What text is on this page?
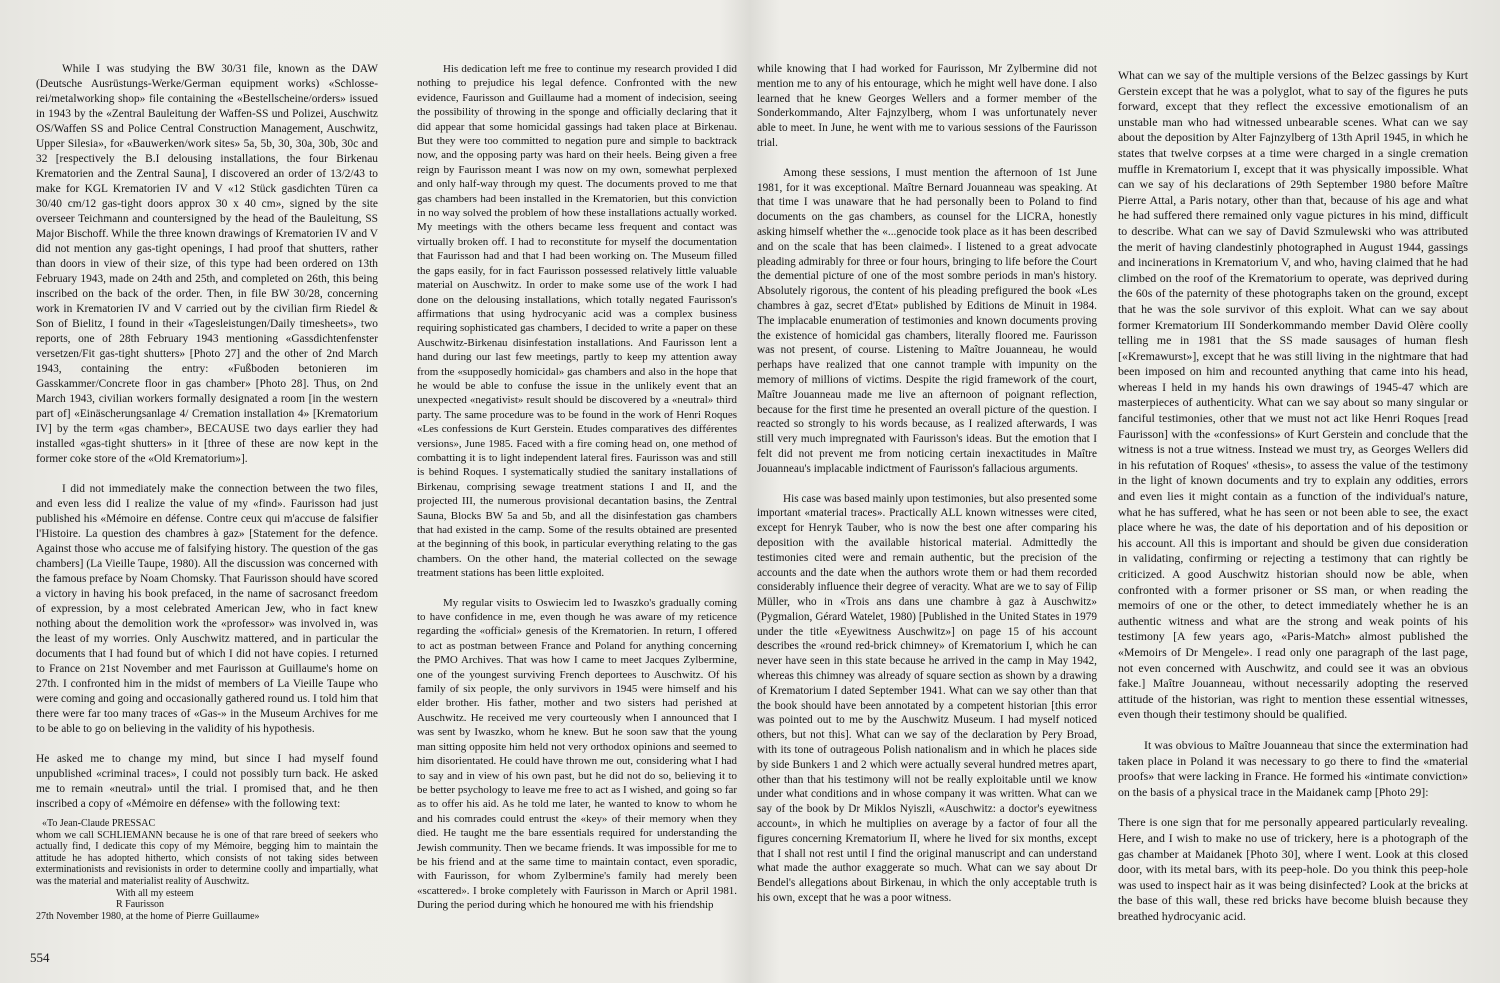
While I was studying the BW 30/31 file, known as the DAW (Deutsche Ausrüstungs-Werke/German equipment works) «Schlosserei/metalworking shop» file containing the «Bestellscheine/orders» issued in 1943 by the «Zentral Bauleitung der Waffen-SS und Polizei, Auschwitz OS/Waffen SS and Police Central Construction Management, Auschwitz, Upper Silesia», for «Bauwerken/work sites» 5a, 5b, 30, 30a, 30b, 30c and 32 [respectively the B.I delousing installations, the four Birkenau Krematorien and the Zentral Sauna], I discovered an order of 13/2/43 to make for KGL Krematorien IV and V «12 Stück gasdichten Türen ca 30/40 cm/12 gas-tight doors approx 30 x 40 cm», signed by the site overseer Teichmann and countersigned by the head of the Bauleitung, SS Major Bischoff. While the three known drawings of Krematorien IV and V did not mention any gas-tight openings, I had proof that shutters, rather than doors in view of their size, of this type had been ordered on 13th February 1943, made on 24th and 25th, and completed on 26th, this being inscribed on the back of the order. Then, in file BW 30/28, concerning work in Krematorien IV and V carried out by the civilian firm Riedel & Son of Bielitz, I found in their «Tagesleistungen/Daily timesheets», two reports, one of 28th February 1943 mentioning «Gassdichtenfenster versetzen/Fit gas-tight shutters» [Photo 27] and the other of 2nd March 1943, containing the entry: «Fußboden betonieren im Gasskammer/Concrete floor in gas chamber» [Photo 28]. Thus, on 2nd March 1943, civilian workers formally designated a room [in the western part of] «Einäscherungsanlage 4/ Cremation installation 4» [Krematorium IV] by the term «gas chamber», BECAUSE two days earlier they had installed «gas-tight shutters» in it [three of these are now kept in the former coke store of the «Old Krematorium»].

I did not immediately make the connection between the two files, and even less did I realize the value of my «find». Faurisson had just published his «Mémoire en défense. Contre ceux qui m'accuse de falsifier l'Histoire. La question des chambres à gaz» [Statement for the defence. Against those who accuse me of falsifying history. The question of the gas chambers] (La Vieille Taupe, 1980). All the discussion was concerned with the famous preface by Noam Chomsky. That Faurisson should have scored a victory in having his book prefaced, in the name of sacrosanct freedom of expression, by a most celebrated American Jew, who in fact knew nothing about the demolition work the «professor» was involved in, was the least of my worries. Only Auschwitz mattered, and in particular the documents that I had found but of which I did not have copies. I returned to France on 21st November and met Faurisson at Guillaume's home on 27th. I confronted him in the midst of members of La Vieille Taupe who were coming and going and occasionally gathered round us. I told him that there were far too many traces of «Gas-» in the Museum Archives for me to be able to go on believing in the validity of his hypothesis.

He asked me to change my mind, but since I had myself found unpublished «criminal traces», I could not possibly turn back. He asked me to remain «neutral» until the trial. I promised that, and he then inscribed a copy of «Mémoire en défense» with the following text:

«To Jean-Claude PRESSAC

whom we call SCHLIEMANN because he is one of that rare breed of seekers who actually find, I dedicate this copy of my Mémoire, begging him to maintain the attitude he has adopted hitherto, which consists of not taking sides between exterminationists and revisionists in order to determine coolly and impartially, what was the material and materialist reality of Auschwitz.

With all my esteem

R Faurisson

27th November 1980, at the home of Pierre Guillaume»

His dedication left me free to continue my research provided I did nothing to prejudice his legal defence. Confronted with the new evidence, Faurisson and Guillaume had a moment of indecision, seeing the possibility of throwing in the sponge and officially declaring that it did appear that some homicidal gassings had taken place at Birkenau. But they were too committed to negation pure and simple to backtrack now, and the opposing party was hard on their heels. Being given a free reign by Faurisson meant I was now on my own, somewhat perplexed and only half-way through my quest. The documents proved to me that gas chambers had been installed in the Krematorien, but this conviction in no way solved the problem of how these installations actually worked. My meetings with the others became less frequent and contact was virtually broken off. I had to reconstitute for myself the documentation that Faurisson had and that I had been working on. The Museum filled the gaps easily, for in fact Faurisson possessed relatively little valuable material on Auschwitz. In order to make some use of the work I had done on the delousing installations, which totally negated Faurisson's affirmations that using hydrocyanic acid was a complex business requiring sophisticated gas chambers, I decided to write a paper on these Auschwitz-Birkenau disinfestation installations. And Faurisson lent a hand during our last few meetings, partly to keep my attention away from the «supposedly homicidal» gas chambers and also in the hope that he would be able to confuse the issue in the unlikely event that an unexpected «negativist» result should be discovered by a «neutral» third party. The same procedure was to be found in the work of Henri Roques «Les confessions de Kurt Gerstein. Etudes comparatives des différentes versions», June 1985. Faced with a fire coming head on, one method of combatting it is to light independent lateral fires. Faurisson was and still is behind Roques. I systematically studied the sanitary installations of Birkenau, comprising sewage treatment stations I and II, and the projected III, the numerous provisional decantation basins, the Zentral Sauna, Blocks BW 5a and 5b, and all the disinfestation gas chambers that had existed in the camp. Some of the results obtained are presented at the beginning of this book, in particular everything relating to the gas chambers. On the other hand, the material collected on the sewage treatment stations has been little exploited.

My regular visits to Oswiecim led to Iwaszko's gradually coming to have confidence in me, even though he was aware of my reticence regarding the «official» genesis of the Krematorien. In return, I offered to act as postman between France and Poland for anything concerning the PMO Archives. That was how I came to meet Jacques Zylbermine, one of the youngest surviving French deportees to Auschwitz. Of his family of six people, the only survivors in 1945 were himself and his elder brother. His father, mother and two sisters had perished at Auschwitz. He received me very courteously when I announced that I was sent by Iwaszko, whom he knew. But he soon saw that the young man sitting opposite him held not very orthodox opinions and seemed to him disorientated. He could have thrown me out, considering what I had to say and in view of his own past, but he did not do so, believing it to be better psychology to leave me free to act as I wished, and going so far as to offer his aid. As he told me later, he wanted to know to whom he and his comrades could entrust the «key» of their memory when they died. He taught me the bare essentials required for understanding the Jewish community. Then we became friends. It was impossible for me to be his friend and at the same time to maintain contact, even sporadic, with Faurisson, for whom Zylbermine's family had merely been «scattered». I broke completely with Faurisson in March or April 1981. During the period during which he honoured me with his friendship

while knowing that I had worked for Faurisson, Mr Zylbermine did not mention me to any of his entourage, which he might well have done. I also learned that he knew Georges Wellers and a former member of the Sonderkommando, Alter Fajnzylberg, whom I was unfortunately never able to meet. In June, he went with me to various sessions of the Faurisson trial.

Among these sessions, I must mention the afternoon of 1st June 1981, for it was exceptional. Maître Bernard Jouanneau was speaking. At that time I was unaware that he had personally been to Poland to find documents on the gas chambers, as counsel for the LICRA, honestly asking himself whether the «...genocide took place as it has been described and on the scale that has been claimed». I listened to a great advocate pleading admirably for three or four hours, bringing to life before the Court the demential picture of one of the most sombre periods in man's history. Absolutely rigorous, the content of his pleading prefigured the book «Les chambres à gaz, secret d'Etat» published by Editions de Minuit in 1984. The implacable enumeration of testimonies and known documents proving the existence of homicidal gas chambers, literally floored me. Faurisson was not present, of course. Listening to Maître Jouanneau, he would perhaps have realized that one cannot trample with impunity on the memory of millions of victims. Despite the rigid framework of the court, Maître Jouanneau made me live an afternoon of poignant reflection, because for the first time he presented an overall picture of the question. I reacted so strongly to his words because, as I realized afterwards, I was still very much impregnated with Faurisson's ideas. But the emotion that I felt did not prevent me from noticing certain inexactitudes in Maître Jouanneau's implacable indictment of Faurisson's fallacious arguments.

His case was based mainly upon testimonies, but also presented some important «material traces». Practically ALL known witnesses were cited, except for Henryk Tauber, who is now the best one after comparing his deposition with the available historical material. Admittedly the testimonies cited were and remain authentic, but the precision of the accounts and the date when the authors wrote them or had them recorded considerably influence their degree of veracity. What are we to say of Filip Müller, who in «Trois ans dans une chambre à gaz à Auschwitz» (Pygmalion, Gérard Watelet, 1980) [Published in the United States in 1979 under the title «Eyewitness Auschwitz»] on page 15 of his account describes the «round red-brick chimney» of Krematorium I, which he can never have seen in this state because he arrived in the camp in May 1942, whereas this chimney was already of square section as shown by a drawing of Krematorium I dated September 1941. What can we say other than that the book should have been annotated by a competent historian [this error was pointed out to me by the Auschwitz Museum. I had myself noticed others, but not this]. What can we say of the declaration by Pery Broad, with its tone of outrageous Polish nationalism and in which he places side by side Bunkers 1 and 2 which were actually several hundred metres apart, other than that his testimony will not be really exploitable until we know under what conditions and in whose company it was written. What can we say of the book by Dr Miklos Nyiszli, «Auschwitz: a doctor's eyewitness account», in which he multiplies on average by a factor of four all the figures concerning Krematorium II, where he lived for six months, except that I shall not rest until I find the original manuscript and can understand what made the author exaggerate so much. What can we say about Dr Bendel's allegations about Birkenau, in which the only acceptable truth is his own, except that he was a poor witness.

What can we say of the multiple versions of the Belzec gassings by Kurt Gerstein except that he was a polyglot, what to say of the figures he puts forward, except that they reflect the excessive emotionalism of an unstable man who had witnessed unbearable scenes. What can we say about the deposition by Alter Fajnzylberg of 13th April 1945, in which he states that twelve corpses at a time were charged in a single cremation muffle in Krematorium I, except that it was physically impossible. What can we say of his declarations of 29th September 1980 before Maître Pierre Attal, a Paris notary, other than that, because of his age and what he had suffered there remained only vague pictures in his mind, difficult to describe. What can we say of David Szmulewski who was attributed the merit of having clandestinly photographed in August 1944, gassings and incinerations in Krematorium V, and who, having claimed that he had climbed on the roof of the Krematorium to operate, was deprived during the 60s of the paternity of these photographs taken on the ground, except that he was the sole survivor of this exploit. What can we say about former Krematorium III Sonderkommando member David Olère coolly telling me in 1981 that the SS made sausages of human flesh [«Kremawurst»], except that he was still living in the nightmare that had been imposed on him and recounted anything that came into his head, whereas I held in my hands his own drawings of 1945-47 which are masterpieces of authenticity. What can we say about so many singular or fanciful testimonies, other that we must not act like Henri Roques [read Faurisson] with the «confessions» of Kurt Gerstein and conclude that the witness is not a true witness. Instead we must try, as Georges Wellers did in his refutation of Roques' «thesis», to assess the value of the testimony in the light of known documents and try to explain any oddities, errors and even lies it might contain as a function of the individual's nature, what he has suffered, what he has seen or not been able to see, the exact place where he was, the date of his deportation and of his deposition or his account. All this is important and should be given due consideration in validating, confirming or rejecting a testimony that can rightly be criticized. A good Auschwitz historian should now be able, when confronted with a former prisoner or SS man, or when reading the memoirs of one or the other, to detect immediately whether he is an authentic witness and what are the strong and weak points of his testimony [A few years ago, «Paris-Match» almost published the «Memoirs of Dr Mengele». I read only one paragraph of the last page, not even concerned with Auschwitz, and could see it was an obvious fake.] Maître Jouanneau, without necessarily adopting the reserved attitude of the historian, was right to mention these essential witnesses, even though their testimony should be qualified.

It was obvious to Maître Jouanneau that since the extermination had taken place in Poland it was necessary to go there to find the «material proofs» that were lacking in France. He formed his «intimate conviction» on the basis of a physical trace in the Maidanek camp [Photo 29]:

There is one sign that for me personally appeared particularly revealing. Here, and I wish to make no use of trickery, here is a photograph of the gas chamber at Maidanek [Photo 30], where I went. Look at this closed door, with its metal bars, with its peep-hole. Do you think this peep-hole was used to inspect hair as it was being disinfected? Look at the bricks at the base of this wall, these red bricks have become bluish because they breathed hydrocyanic acid.

554
